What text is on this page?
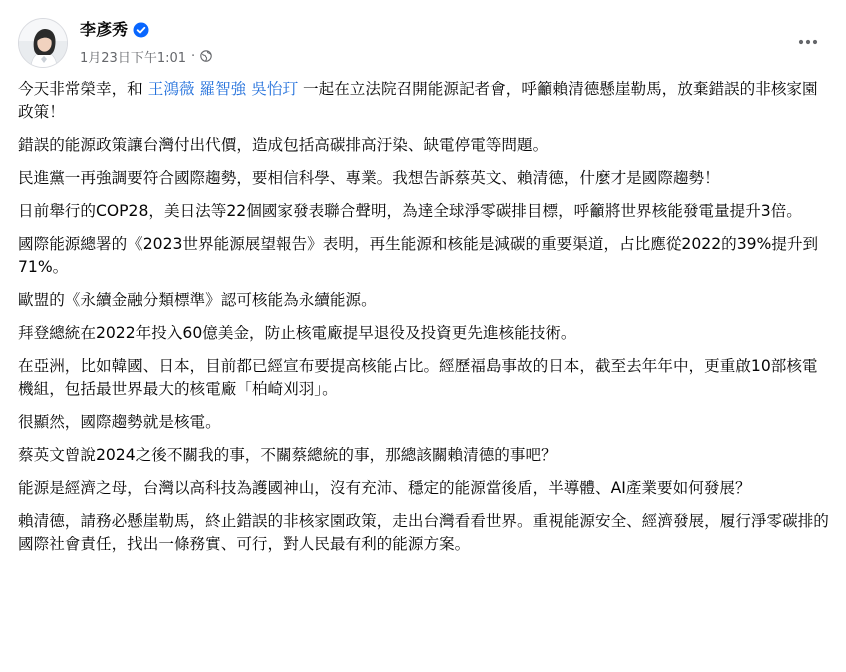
李彥秀
1月23日下午1:01 ·

今天非常榮幸，和 王鴻薇 羅智強 吳怡玎 一起在立法院召開能源記者會，呼籲賴清德懸崖勒馬，放棄錯誤的非核家園政策！

錯誤的能源政策讓台灣付出代價，造成包括高碳排高汙染、缺電停電等問題。

民進黨一再強調要符合國際趨勢，要相信科學、專業。我想告訴蔡英文、賴清德，什麼才是國際趨勢！

日前舉行的COP28，美日法等22個國家發表聯合聲明，為達全球淨零碳排目標，呼籲將世界核能發電量提升3倍。

國際能源總署的《2023世界能源展望報告》表明，再生能源和核能是減碳的重要渠道，占比應從2022的39%提升到71%。

歐盟的《永續金融分類標準》認可核能為永續能源。

拜登總統在2022年投入60億美金，防止核電廠提早退役及投資更先進核能技術。

在亞洲，比如韓國、日本，目前都已經宣布要提高核能占比。經歷福島事故的日本，截至去年年中，更重啟10部核電機組，包括最世界最大的核電廠「柏崎刈羽」。

很顯然，國際趨勢就是核電。

蔡英文曾說2024之後不關我的事，不關蔡總統的事，那總該關賴清德的事吧？

能源是經濟之母，台灣以高科技為護國神山，沒有充沛、穩定的能源當後盾，半導體、AI產業要如何發展？

賴清德，請務必懸崖勒馬，終止錯誤的非核家園政策，走出台灣看看世界。重視能源安全、經濟發展，履行淨零碳排的國際社會責任，找出一條務實、可行，對人民最有利的能源方案。
